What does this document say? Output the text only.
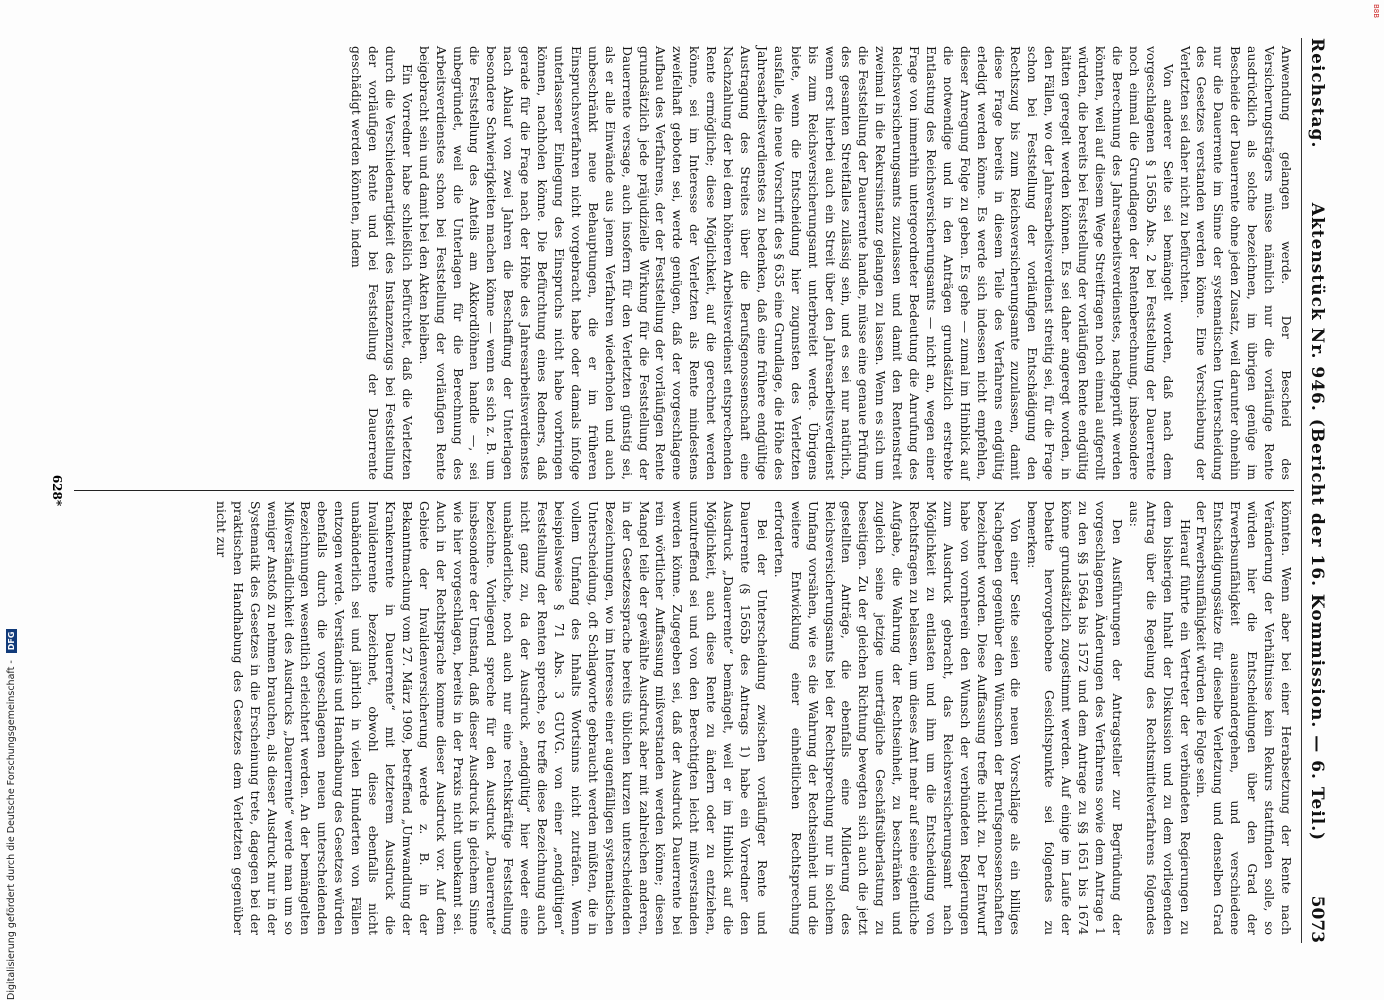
Reichstag.
Aktenstück Nr. 946. (Bericht der 16. Kommission. — 6. Teil.)
5073

Anwendung gelangen werde. Der Bescheid des Versicherungsträgers müsse nämlich nur die vorläufige Rente ausdrücklich als solche bezeichnen, im übrigen genüge im Bescheide der Dauerrente ohne jeden Zusatz, weil darunter ohnehin nur die Dauerrente im Sinne der systematischen Unterscheidung des Gesetzes verstanden werden könne. Eine Verschiebung der Verletzten sei daher nicht zu befürchten.

Von anderer Seite sei bemängelt worden, daß nach dem vorgeschlagenen § 1565b Abs. 2 bei Feststellung der Dauerrente noch einmal die Grundlagen der Rentenberechnung, insbesondere die Berechnung des Jahresarbeitsverdienstes, nachgeprüft werden könnten, weil auf diesem Wege Streitfragen noch einmal aufgerollt würden, die bereits bei Feststellung der vorläufigen Rente endgültig hätten geregelt werden können. Es sei daher angeregt worden, in den Fällen, wo der Jahresarbeitsverdienst streitig sei, für die Frage schon bei Feststellung der vorläufigen Entschädigung den Rechtszug bis zum Reichsversicherungsamte zuzulassen, damit diese Frage bereits in diesem Teile des Verfahrens endgültig erledigt werden könne. Es werde sich indessen nicht empfehlen, dieser Anregung Folge zu geben. Es gehe — zumal im Hinblick auf die notwendige und in den Anträgen grundsätzlich erstrebte Entlastung des Reichsversicherungsamts — nicht an, wegen einer Frage von immerhin untergeordneter Bedeutung die Anrufung des Reichsversicherungsamts zuzulassen und damit den Rentenstreit zweimal in die Rekursinstanz gelangen zu lassen. Wenn es sich um die Feststellung der Dauerrente handle, müsse eine genaue Prüfung des gesamten Streitfalles zulässig sein, und es sei nur natürlich, wenn erst hierbei auch ein Streit über den Jahresarbeitsverdienst bis zum Reichsversicherungsamt unterbreitet werde. Übrigens biete, wenn die Entscheidung hier zugunsten des Verletzten ausfalle, die neue Vorschrift des § 635 eine Grundlage, die Höhe des Jahresarbeitsverdienstes zu bedenken, daß eine frühere endgültige Austragung des Streites über die Berufsgenossenschaft eine Nachzahlung der bei dem höheren Arbeitsverdienst entsprechenden Rente ermögliche; diese Möglichkeit, auf die gerechnet werden könne, sei im Interesse der Verletzten als Rente mindestens zweifelhaft geboten sei, werde genügen, daß der vorgeschlagene Aufbau des Verfahrens, der der Feststellung der vorläufigen Rente grundsätzlich jede präjudizielle Wirkung für die Feststellung der Dauerrente versage, auch insofern für den Verletzten günstig sei, als er alle Einwände aus jenem Verfahren wiederholen und auch unbeschränkt neue Behauptungen, die er im früheren Einspruchsverfahren nicht vorgebracht habe oder damals infolge unterlassener Einlegung des Einspruchs nicht habe vorbringen können, nachholen könne. Die Befürchtung eines Redners, daß gerade für die Frage nach der Höhe des Jahresarbeitsverdienstes nach Ablauf von zwei Jahren die Beschaffung der Unterlagen besondere Schwierigkeiten machen könne — wenn es sich z. B. um die Feststellung des Anteils am Akkordlöhnen handle —, sei unbegründet, weil die Unterlagen für die Berechnung des Arbeitsverdienstes schon bei Feststellung der vorläufigen Rente beigebracht sein und damit bei den Akten bleiben.

Ein Vorredner habe schließlich befürchtet, daß die Verletzten durch die Verschiedenartigkeit des Instanzenzugs bei Feststellung der vorläufigen Rente und bei Feststellung der Dauerrente geschädigt werden könnten, indem

könnten. Wenn aber bei einer Herabsetzung der Rente nach Veränderung der Verhältnisse kein Rekurs stattfinden solle, so würden hier die Entscheidungen über den Grad der Erwerbsunfähigkeit auseinandergehen, und verschiedene Entschädigungssätze für dieselbe Verletzung und denselben Grad der Erwerbsunfähigkeit würden die Folge sein.

Hierauf führte ein Vertreter der verbündeten Regierungen zu dem bisherigen Inhalt der Diskussion und zu dem vorliegenden Antrag über die Regelung des Rechtsmittelverfahrens folgendes aus:

Den Ausführungen der Antragsteller zur Begründung der vorgeschlagenen Änderungen des Verfahrens sowie dem Antrage 1 zu den §§ 1564a bis 1572 und dem Antrage zu §§ 1651 bis 1674 könne grundsätzlich zugestimmt werden. Auf einige im Laufe der Debatte hervorgehobene Gesichtspunkte sei folgendes zu bemerken:

Von einer Seite seien die neuen Vorschläge als ein billiges Nachgeben gegenüber den Wünschen der Berufsgenossenschaften bezeichnet worden. Diese Auffassung treffe nicht zu. Der Entwurf habe von vornherein den Wunsch der verbündeten Regierungen zum Ausdruck gebracht, das Reichsversicherungsamt nach Möglichkeit zu entlasten und ihm um die Entscheidung von Rechtsfragen zu belassen, um dieses Amt mehr auf seine eigentliche Aufgabe, die Wahrung der Rechtseinheit, zu beschränken und zugleich seine jetzige unerträgliche Geschäftsüberlastung zu beseitigen. Zu der gleichen Richtung bewegten sich auch die jetzt gestellten Anträge, die ebenfalls eine Milderung des Reichsversicherungsamts bei der Rechtsprechung nur in solchem Umfang vorsähen, wie es die Wahrung der Rechtseinheit und die weitere Entwicklung einer einheitlichen Rechtsprechung erforderten.

Bei der Unterscheidung zwischen vorläufiger Rente und Dauerrente (§ 1565b des Antrags 1) habe ein Vorredner den Ausdruck „Dauerrente“ bemängelt, weil er im Hinblick auf die Möglichkeit, auch diese Rente zu ändern oder zu entziehen, unzutreffend sei und von den Berechtigten leicht mißverstanden werden könne. Zugegeben sei, daß der Ausdruck Dauerrente bei rein wörtlicher Auffassung mißverstanden werden könne; diesen Mangel teile der gewählte Ausdruck aber mit zahlreichen anderen, in der Gesetzessprache bereits üblichen kurzen unterscheidenden Bezeichnungen, wo im Interesse einer augenfälligen systematischen Unterscheidung, oft Schlagworte gebraucht werden müßten, die in vollem Umfang des Inhalts Wortsinns nicht zuträfen. Wenn beispielsweise § 71 Abs. 3 GUVG. von einer „endgültigen“ Feststellung der Renten spreche, so treffe diese Bezeichnung auch nicht ganz zu, da der Ausdruck „endgültig“ hier weder eine unabänderliche, noch auch nur eine rechtskräftige Feststellung bezeichne. Vorliegend spreche für den Ausdruck „Dauerrente“ insbesondere der Umstand, daß dieser Ausdruck in gleichem Sinne wie hier vorgeschlagen, bereits in der Praxis nicht unbekannt sei. Auch in der Rechtsprache komme dieser Ausdruck vor. Auf dem Gebiete der Invalidenversicherung werde z. B. in der Bekanntmachung vom 27. März 1909, betreffend „Umwandlung der Krankenrente in Dauerrente“ mit letzterem Ausdruck die Invalidenrente bezeichnet, obwohl diese ebenfalls nicht unabänderlich sei und jährlich in vielen Hunderten von Fällen entzogen werde. Verständnis und Handhabung des Gesetzes würden ebenfalls durch die vorgeschlagenen neuen unterscheidenden Bezeichnungen wesentlich erleichtert werden. An der bemängelten Mißverständlichkeit des Ausdrucks „Dauerrente“ werde man um so weniger Anstoß zu nehmen brauchen, als dieser Ausdruck nur in der Systematik des Gesetzes in die Erscheinung trete, dagegen bei der praktischen Handhabung des Gesetzes dem Verletzten gegenüber nicht zur

628*
Digitalisierung gefördert durch die Deutsche Forschungsgemeinschaft - DFG
B8B
